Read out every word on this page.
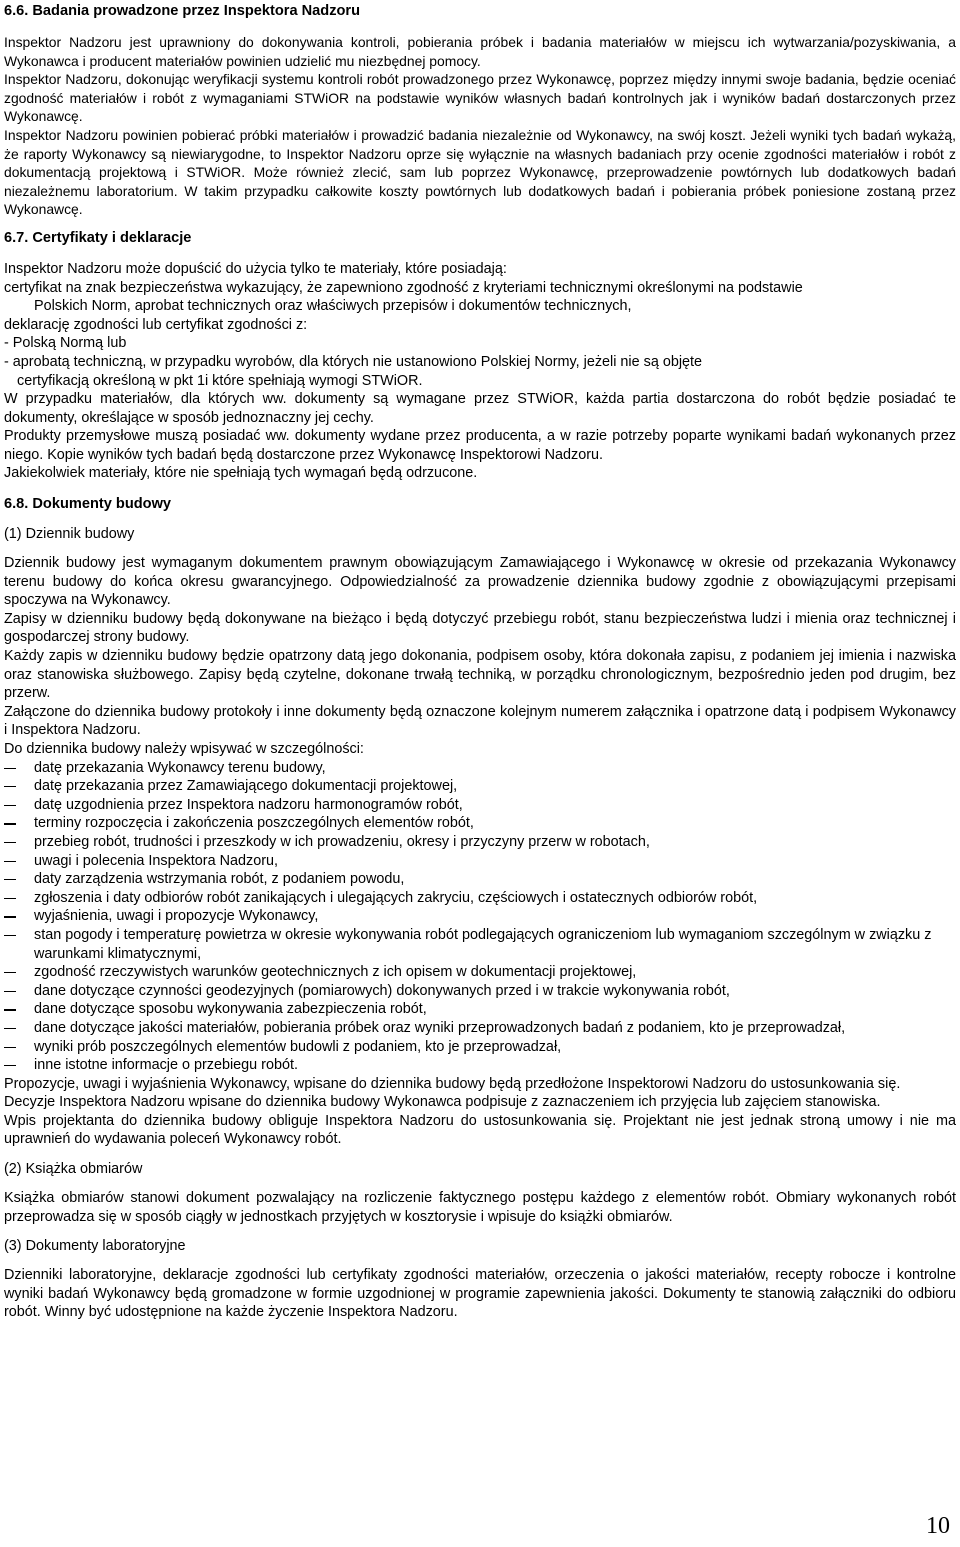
6.6. Badania prowadzone przez Inspektora Nadzoru

Inspektor Nadzoru jest uprawniony do dokonywania kontroli, pobierania próbek i badania materiałów w miejscu ich wytwarzania/pozyskiwania, a Wykonawca i producent materiałów powinien udzielić mu niezbędnej pomocy.

Inspektor Nadzoru, dokonując weryfikacji systemu kontroli robót prowadzonego przez Wykonawcę, poprzez między innymi swoje badania, będzie oceniać zgodność materiałów i robót z wymaganiami STWiOR na podstawie wyników własnych badań kontrolnych jak i wyników badań dostarczonych przez Wykonawcę.

Inspektor Nadzoru powinien pobierać próbki materiałów i prowadzić badania niezależnie od Wykonawcy, na swój koszt. Jeżeli wyniki tych badań wykażą, że raporty Wykonawcy są niewiarygodne, to Inspektor Nadzoru oprze się wyłącznie na własnych badaniach przy ocenie zgodności materiałów i robót z dokumentacją projektową i STWiOR. Może również zlecić, sam lub poprzez Wykonawcę, przeprowadzenie powtórnych lub dodatkowych badań niezależnemu laboratorium. W takim przypadku całkowite koszty powtórnych lub dodatkowych badań i pobierania próbek poniesione zostaną przez Wykonawcę.

6.7. Certyfikaty i deklaracje

Inspektor Nadzoru może dopuścić do użycia tylko te materiały, które posiadają:

certyfikat na znak bezpieczeństwa wykazujący, że zapewniono zgodność z kryteriami technicznymi określonymi na podstawie

Polskich Norm, aprobat technicznych oraz właściwych przepisów i dokumentów technicznych,

deklarację zgodności lub certyfikat zgodności z:

- Polską Normą lub

- aprobatą techniczną, w przypadku wyrobów, dla których nie ustanowiono Polskiej Normy, jeżeli nie są objęte

certyfikacją określoną w pkt 1i które spełniają wymogi STWiOR.

W przypadku materiałów, dla których ww. dokumenty są wymagane przez STWiOR, każda partia dostarczona do robót będzie posiadać te dokumenty, określające w sposób jednoznaczny jej cechy.

Produkty przemysłowe muszą posiadać ww. dokumenty wydane przez producenta, a w razie potrzeby poparte wynikami badań wykonanych przez niego. Kopie wyników tych badań będą dostarczone przez Wykonawcę Inspektorowi Nadzoru.

Jakiekolwiek materiały, które nie spełniają tych wymagań będą odrzucone.

6.8. Dokumenty budowy

(1) Dziennik budowy

Dziennik budowy jest wymaganym dokumentem prawnym obowiązującym Zamawiającego i Wykonawcę w okresie od przekazania Wykonawcy terenu budowy do końca okresu gwarancyjnego. Odpowiedzialność za prowadzenie dziennika budowy zgodnie z obowiązującymi przepisami spoczywa na Wykonawcy.

Zapisy w dzienniku budowy będą dokonywane na bieżąco i będą dotyczyć przebiegu robót, stanu bezpieczeństwa ludzi i mienia oraz technicznej i gospodarczej strony budowy.

Każdy zapis w dzienniku budowy będzie opatrzony datą jego dokonania, podpisem osoby, która dokonała zapisu, z podaniem jej imienia i nazwiska oraz stanowiska służbowego. Zapisy będą czytelne, dokonane trwałą techniką, w porządku chronologicznym, bezpośrednio jeden pod drugim, bez przerw.

Załączone do dziennika budowy protokoły i inne dokumenty będą oznaczone kolejnym numerem załącznika i opatrzone datą i podpisem Wykonawcy i Inspektora Nadzoru.

Do dziennika budowy należy wpisywać w szczególności:

datę przekazania Wykonawcy terenu budowy,
datę przekazania przez Zamawiającego dokumentacji projektowej,
datę uzgodnienia przez Inspektora nadzoru harmonogramów robót,
terminy rozpoczęcia i zakończenia poszczególnych elementów robót,
przebieg robót, trudności i przeszkody w ich prowadzeniu, okresy i przyczyny przerw w robotach,
uwagi i polecenia Inspektora Nadzoru,
daty zarządzenia wstrzymania robót, z podaniem powodu,
zgłoszenia i daty odbiorów robót zanikających i ulegających zakryciu, częściowych i ostatecznych odbiorów robót,
wyjaśnienia, uwagi i propozycje Wykonawcy,
stan pogody i temperaturę powietrza w okresie wykonywania robót podlegających ograniczeniom lub wymaganiom szczególnym w związku z warunkami klimatycznymi,
zgodność rzeczywistych warunków geotechnicznych z ich opisem w dokumentacji projektowej,
dane dotyczące czynności geodezyjnych (pomiarowych) dokonywanych przed i w trakcie wykonywania robót,
dane dotyczące sposobu wykonywania zabezpieczenia robót,
dane dotyczące jakości materiałów, pobierania próbek oraz wyniki przeprowadzonych badań z podaniem, kto je przeprowadzał,
wyniki prób poszczególnych elementów budowli z podaniem, kto je przeprowadzał,
inne istotne informacje o przebiegu robót.

Propozycje, uwagi i wyjaśnienia Wykonawcy, wpisane do dziennika budowy będą przedłożone Inspektorowi Nadzoru do ustosunkowania się.

Decyzje Inspektora Nadzoru wpisane do dziennika budowy Wykonawca podpisuje z zaznaczeniem ich przyjęcia lub zajęciem stanowiska.

Wpis projektanta do dziennika budowy obliguje Inspektora Nadzoru do ustosunkowania się. Projektant nie jest jednak stroną umowy i nie ma uprawnień do wydawania poleceń Wykonawcy robót.

(2) Książka obmiarów

Książka obmiarów stanowi dokument pozwalający na rozliczenie faktycznego postępu każdego z elementów robót. Obmiary wykonanych robót przeprowadza się w sposób ciągły w jednostkach przyjętych w kosztorysie i wpisuje do książki obmiarów.

(3) Dokumenty laboratoryjne

Dzienniki laboratoryjne, deklaracje zgodności lub certyfikaty zgodności materiałów, orzeczenia o jakości materiałów, recepty robocze i kontrolne wyniki badań Wykonawcy będą gromadzone w formie uzgodnionej w programie zapewnienia jakości. Dokumenty te stanowią załączniki do odbioru robót. Winny być udostępnione na każde życzenie Inspektora Nadzoru.

10
